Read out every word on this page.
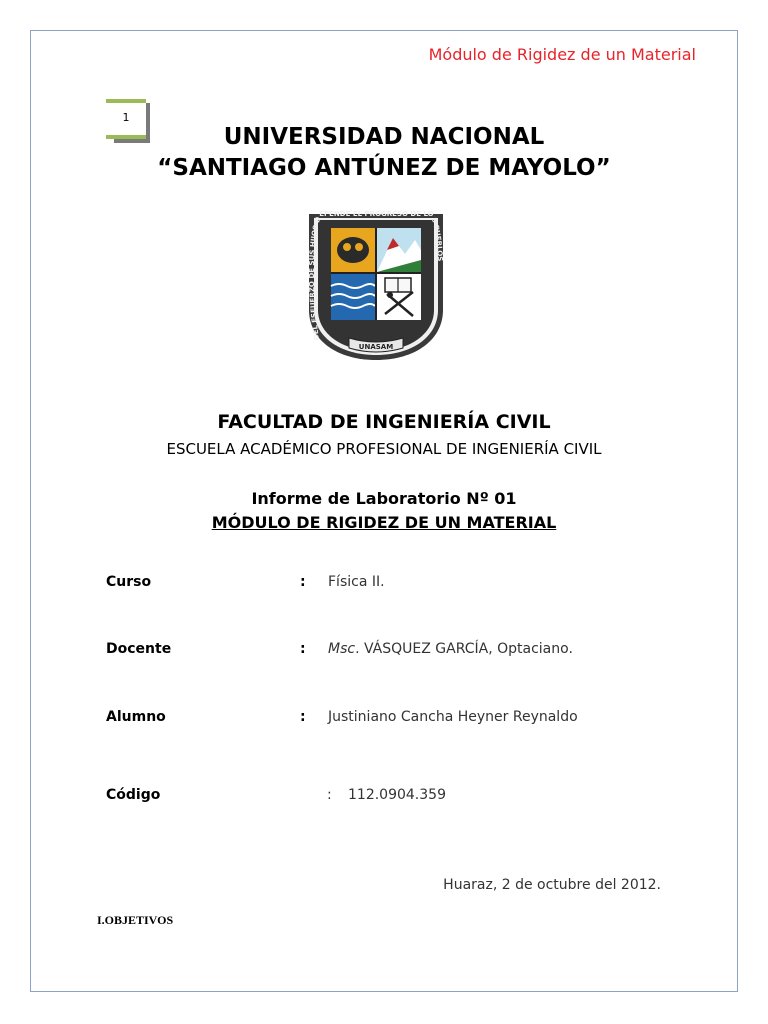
Módulo de Rigidez de un Material
1
UNIVERSIDAD NACIONAL
“SANTIAGO ANTÚNEZ DE MAYOLO”
DEL ESFUERZO DE SUS HIJOS DEPENDE EL PROGRESO DE LOS PUEBLOS
UNASAM
FACULTAD DE INGENIERÍA CIVIL
ESCUELA ACADÉMICO PROFESIONAL DE INGENIERÍA CIVIL
Informe de Laboratorio Nº 01
MÓDULO DE RIGIDEZ DE UN MATERIAL
Curso	: Física II.
Docente	: Msc. VÁSQUEZ GARCÍA, Optaciano.
Alumno	: Justiniano Cancha Heyner Reynaldo
Código	: 112.0904.359
Huaraz, 2 de octubre del 2012.
I.OBJETIVOS
